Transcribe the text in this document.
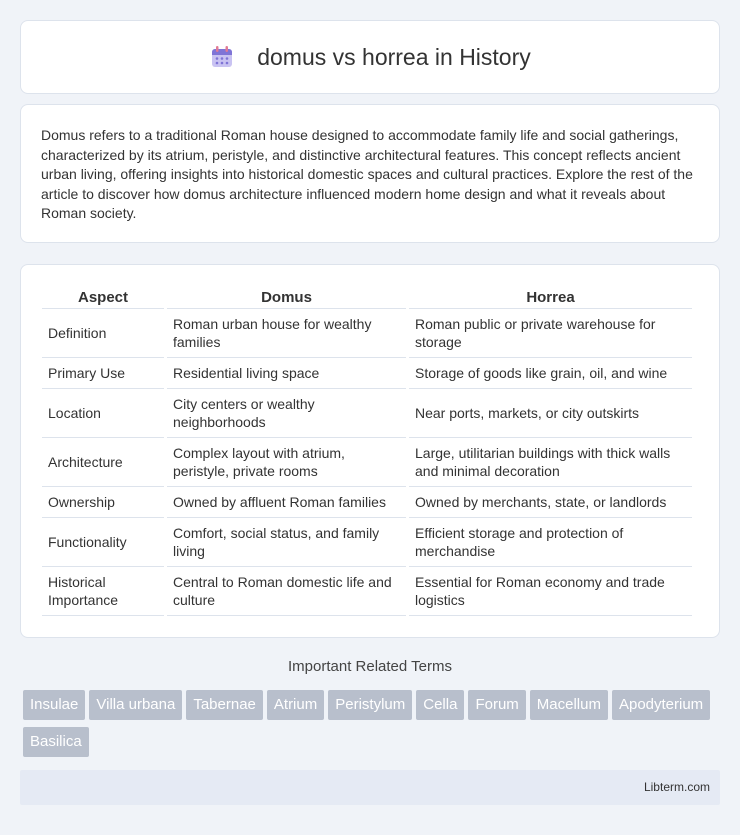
domus vs horrea in History

Domus refers to a traditional Roman house designed to accommodate family life and social gatherings, characterized by its atrium, peristyle, and distinctive architectural features. This concept reflects ancient urban living, offering insights into historical domestic spaces and cultural practices. Explore the rest of the article to discover how domus architecture influenced modern home design and what it reveals about Roman society.

Aspect	Domus	Horrea
Definition	Roman urban house for wealthy families	Roman public or private warehouse for storage
Primary Use	Residential living space	Storage of goods like grain, oil, and wine
Location	City centers or wealthy neighborhoods	Near ports, markets, or city outskirts
Architecture	Complex layout with atrium, peristyle, private rooms	Large, utilitarian buildings with thick walls and minimal decoration
Ownership	Owned by affluent Roman families	Owned by merchants, state, or landlords
Functionality	Comfort, social status, and family living	Efficient storage and protection of merchandise
Historical Importance	Central to Roman domestic life and culture	Essential for Roman economy and trade logistics
Important Related Terms
Insulae Villa urbana Tabernae Atrium Peristylum Cella Forum Macellum ApodyteriumBasilica
Libterm.com
